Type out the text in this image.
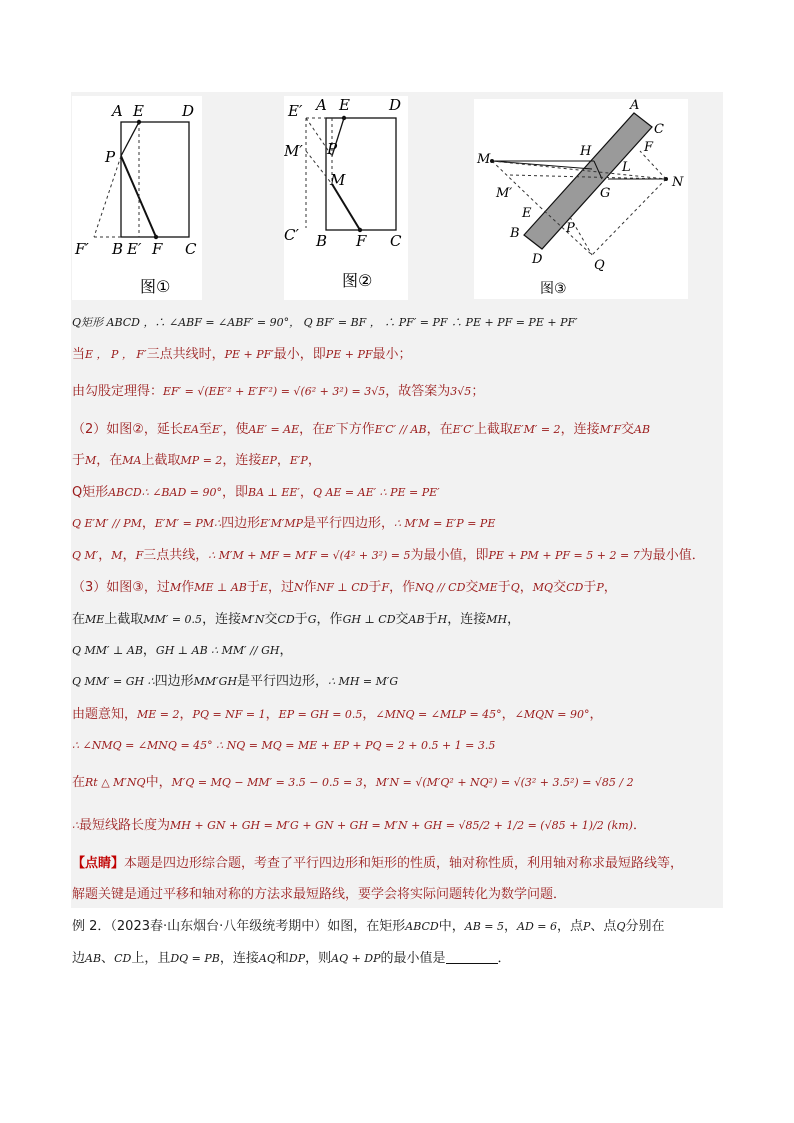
A E	D
P
F′ B E′ F C
图①
E′ A E	D
M′ P
M
C′ B F C
图②
A
C
F
M
H
L
G
N
M′
E
B	P
D	Q
图③
Q矩形 ABCD ，∴ ∠ABF = ∠ABF′ = 90°， Q BF′ = BF ， ∴ PF′ = PF ∴ PE + PF = PE + PF′
当E ， P ， F′三点共线时，PE + PF′最小，即PE + PF最小；
由勾股定理得：EF′ = √(EE′² + E′F′²) = √(6² + 3²) = 3√5，故答案为3√5；
（2）如图②，延长EA至E′，使AE′ = AE，在E′下方作E′C′ // AB，在E′C′上截取E′M′ = 2，连接M′F交AB
于M，在MA上截取MP = 2，连接EP，E′P，
Q矩形ABCD∴ ∠BAD = 90°，即BA ⊥ EE′，Q AE = AE′ ∴ PE = PE′
Q E′M′ // PM，E′M′ = PM∴四边形E′M′MP是平行四边形，∴ M′M = E′P = PE
Q M′，M，F三点共线，∴ M′M + MF = M′F = √(4² + 3²) = 5为最小值，即PE + PM + PF = 5 + 2 = 7为最小值．
（3）如图③，过M作ME ⊥ AB于E，过N作NF ⊥ CD于F，作NQ // CD交ME于Q，MQ交CD于P，
在ME上截取MM′ = 0.5，连接M′N交CD于G，作GH ⊥ CD交AB于H，连接MH，
Q MM′ ⊥ AB，GH ⊥ AB ∴ MM′ // GH，
Q MM′ = GH ∴四边形MM′GH是平行四边形，∴ MH = M′G
由题意知，ME = 2，PQ = NF = 1，EP = GH = 0.5，∠MNQ = ∠MLP = 45°，∠MQN = 90°，
∴ ∠NMQ = ∠MNQ = 45° ∴ NQ = MQ = ME + EP + PQ = 2 + 0.5 + 1 = 3.5
在Rt △ M′NQ中，M′Q = MQ − MM′ = 3.5 − 0.5 = 3，M′N = √(M′Q² + NQ²) = √(3² + 3.5²) = √85 / 2
∴最短线路长度为MH + GN + GH = M′G + GN + GH = M′N + GH = √85/2 + 1/2 = (√85 + 1)/2 (km)．
【点睛】本题是四边形综合题，考查了平行四边形和矩形的性质，轴对称性质，利用轴对称求最短路线等，
解题关键是通过平移和轴对称的方法求最短路线，要学会将实际问题转化为数学问题．
例 2．（2023春·山东烟台·八年级统考期中）如图，在矩形ABCD中，AB = 5，AD = 6，点P、点Q分别在
边AB、CD上，且DQ = PB，连接AQ和DP，则AQ + DP的最小值是	．
